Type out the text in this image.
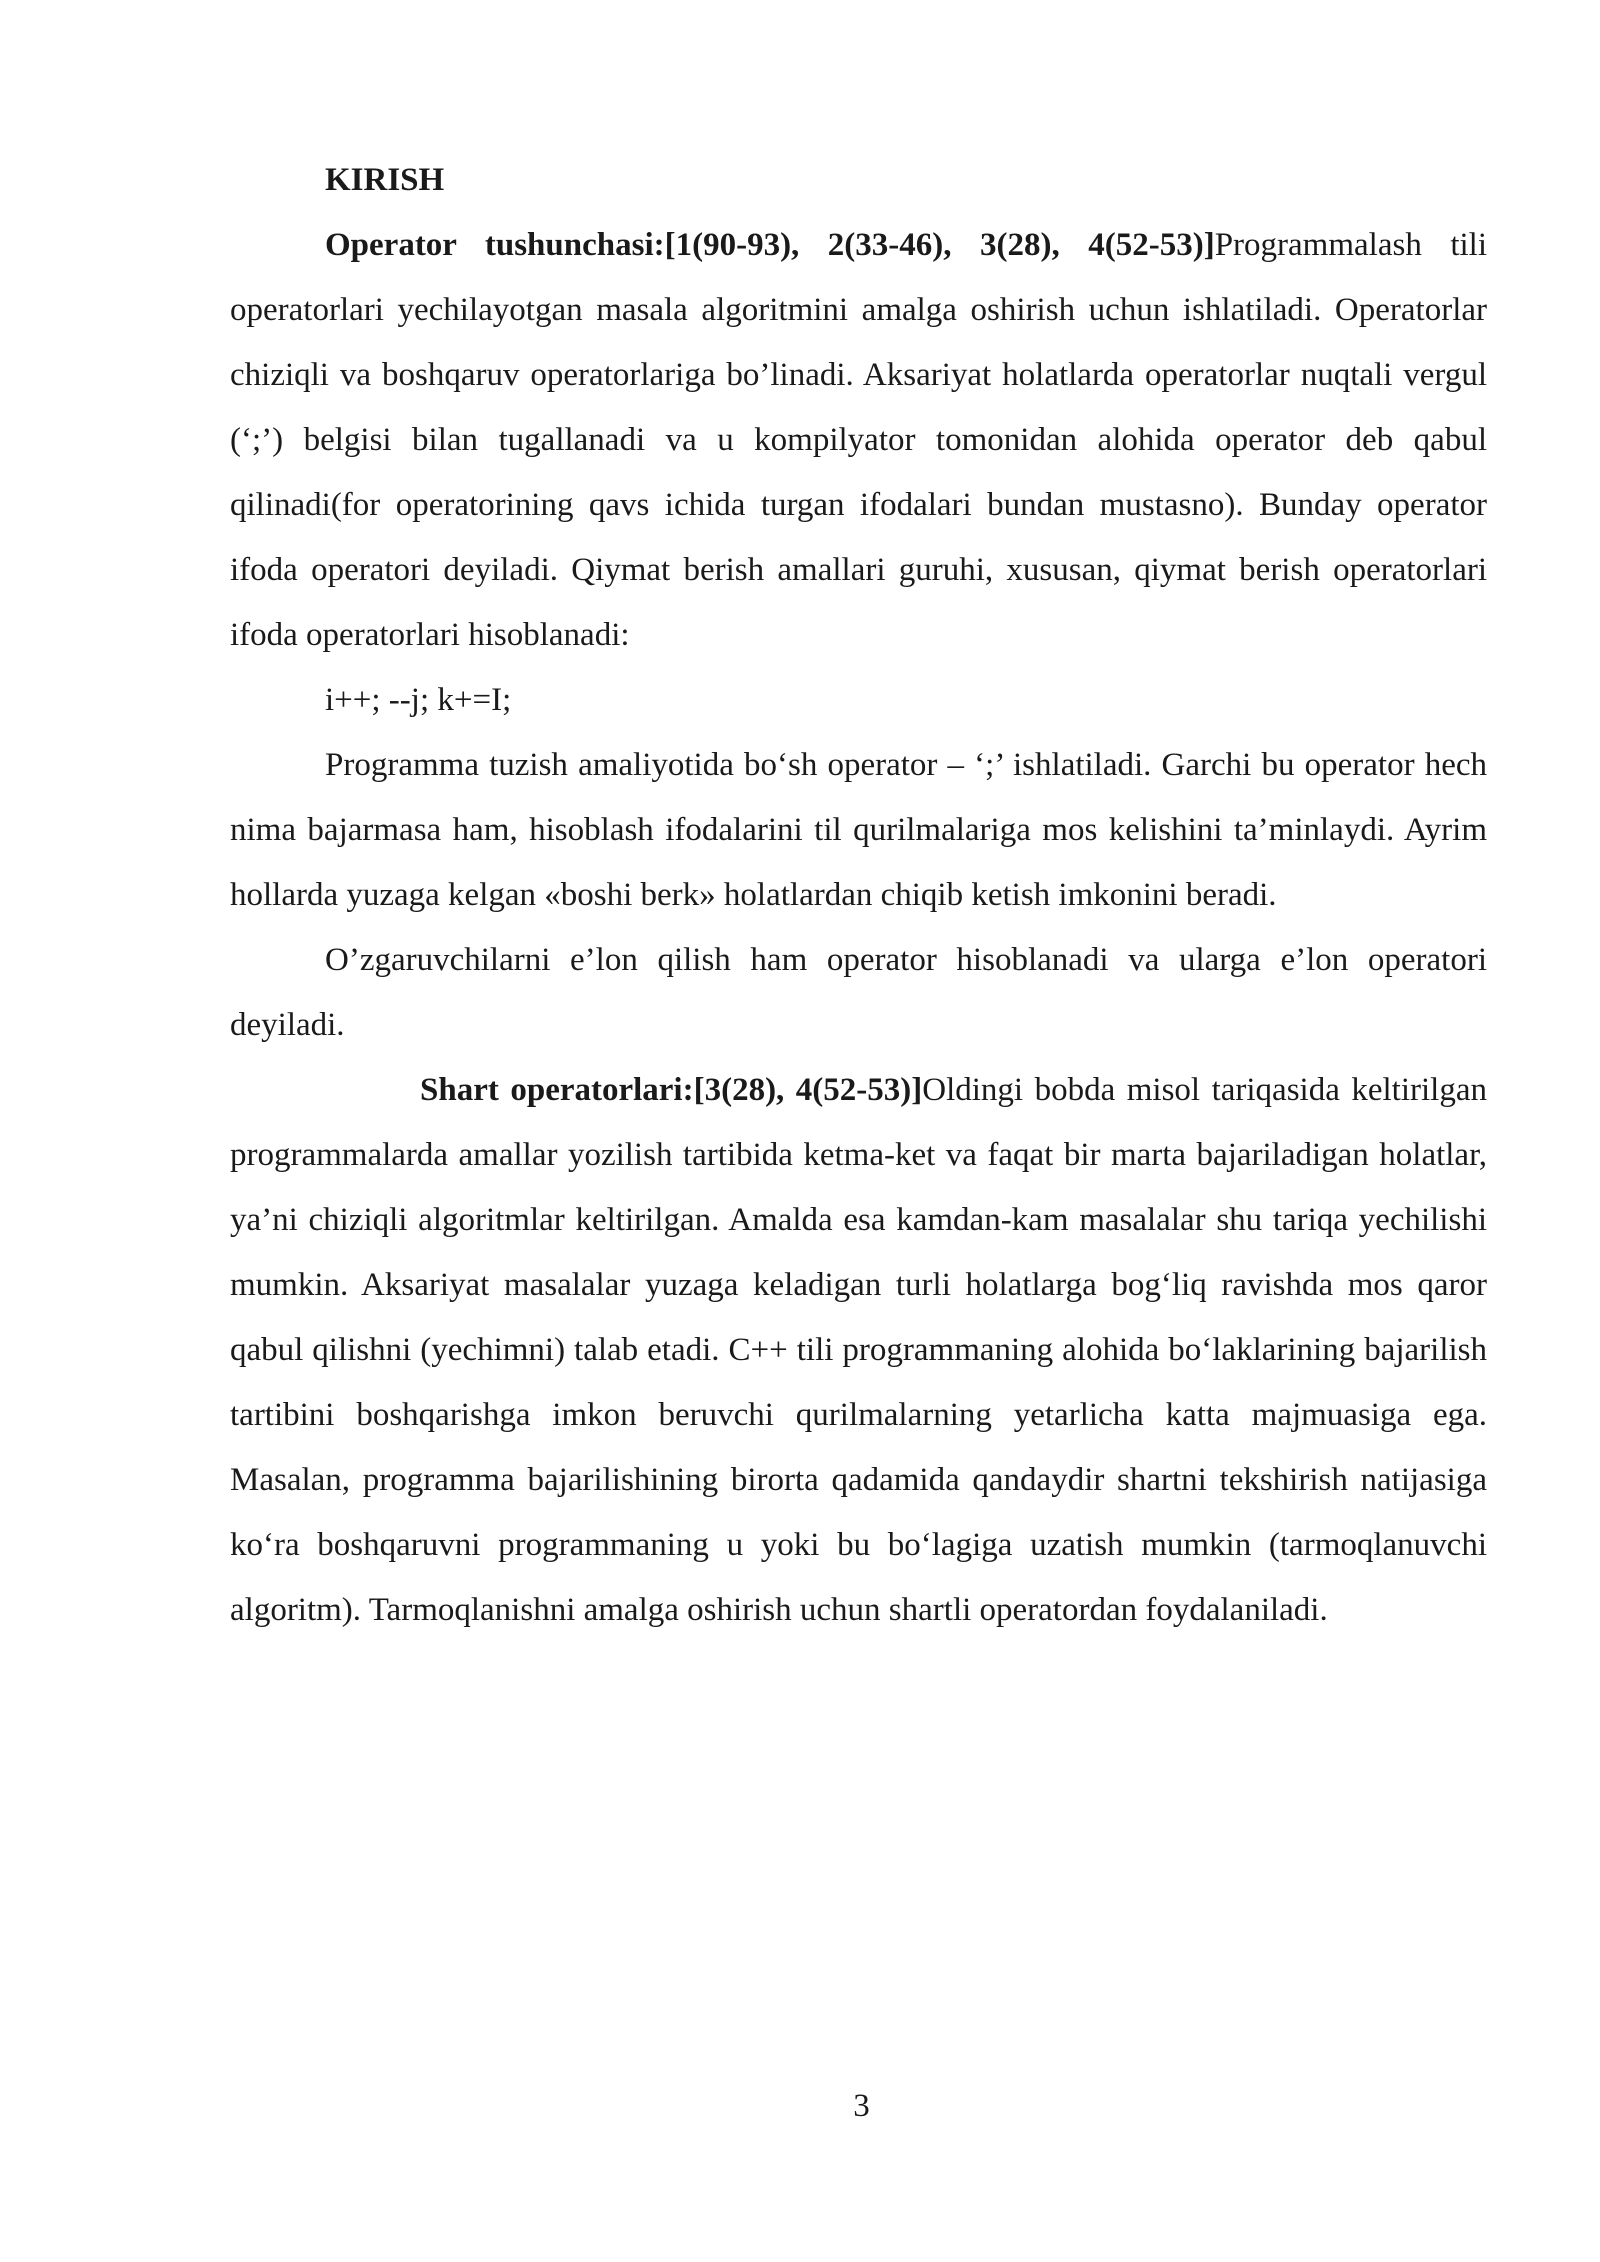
KIRISH

Operator tushunchasi:[1(90-93), 2(33-46), 3(28), 4(52-53)]Programmalash tili operatorlari yechilayotgan masala algoritmini amalga oshirish uchun ishlatiladi. Operatorlar chiziqli va boshqaruv operatorlariga bo’linadi. Aksariyat holatlarda operatorlar nuqtali vergul (‘;’) belgisi bilan tugallanadi va u kompilyator tomonidan alohida operator deb qabul qilinadi(for operatorining qavs ichida turgan ifodalari bundan mustasno). Bunday operator ifoda operatori deyiladi. Qiymat berish amallari guruhi, xususan, qiymat berish operatorlari ifoda operatorlari hisoblanadi:

i++; --j; k+=I;

Programma tuzish amaliyotida bo‘sh operator – ‘;’ ishlatiladi. Garchi bu operator hech nima bajarmasa ham, hisoblash ifodalarini til qurilmalariga mos kelishini ta’minlaydi. Ayrim hollarda yuzaga kelgan «boshi berk» holatlardan chiqib ketish imkonini beradi.

O’zgaruvchilarni e’lon qilish ham operator hisoblanadi va ularga e’lon operatori deyiladi.

Shart operatorlari:[3(28), 4(52-53)]Oldingi bobda misol tariqasida keltirilgan programmalarda amallar yozilish tartibida ketma-ket va faqat bir marta bajariladigan holatlar, ya’ni chiziqli algoritmlar keltirilgan. Amalda esa kamdan-kam masalalar shu tariqa yechilishi mumkin. Aksariyat masalalar yuzaga keladigan turli holatlarga bog‘liq ravishda mos qaror qabul qilishni (yechimni) talab etadi. C++ tili programmaning alohida bo‘laklarining bajarilish tartibini boshqarishga imkon beruvchi qurilmalarning yetarlicha katta majmuasiga ega. Masalan, programma bajarilishining birorta qadamida qandaydir shartni tekshirish natijasiga ko‘ra boshqaruvni programmaning u yoki bu bo‘lagiga uzatish mumkin (tarmoqlanuvchi algoritm). Tarmoqlanishni amalga oshirish uchun shartli operatordan foydalaniladi.

3
